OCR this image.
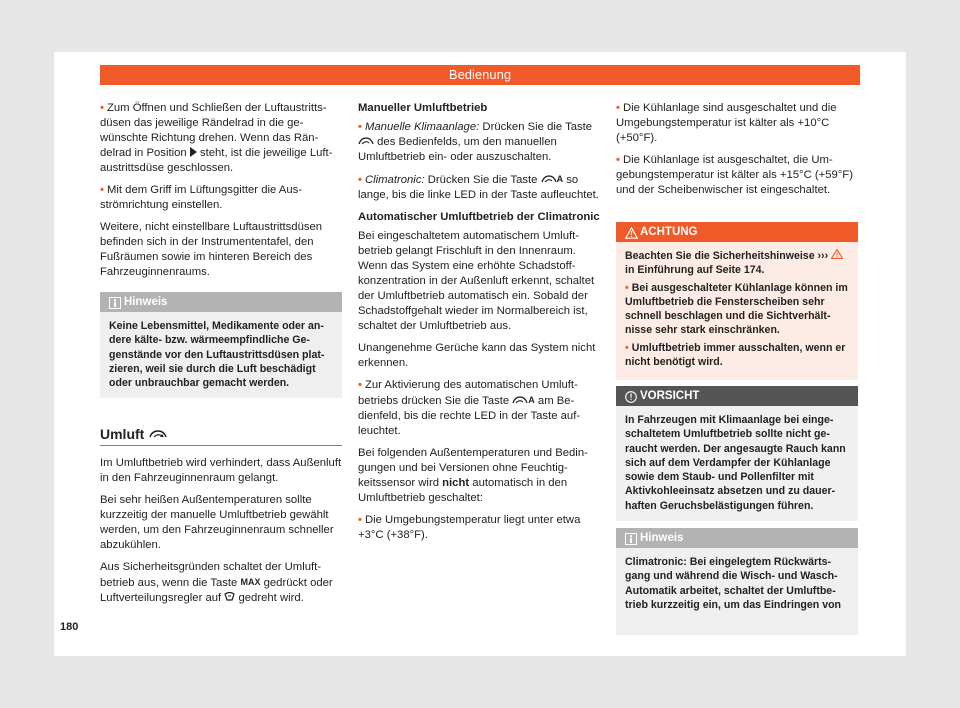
Bedienung

• Zum Öffnen und Schließen der Luftaustrittsdüsen das jeweilige Rändelrad in die gewünschte Richtung drehen. Wenn das Rändelrad in Position steht, ist die jeweilige Luftaustrittsdüse geschlossen.

• Mit dem Griff im Lüftungsgitter die Ausströmrichtung einstellen.

Weitere, nicht einstellbare Luftaustrittsdüsen befinden sich in der Instrumententafel, den Fußräumen sowie im hinteren Bereich des Fahrzeuginnenraums.

Hinweis
Keine Lebensmittel, Medikamente oder andere kälte- bzw. wärmeempfindliche Gegenstände vor den Luftaustrittsdüsen platzieren, weil sie durch die Luft beschädigt oder unbrauchbar gemacht werden.
Umluft

Im Umluftbetrieb wird verhindert, dass Außenluft in den Fahrzeuginnenraum gelangt.

Bei sehr heißen Außentemperaturen sollte kurzzeitig der manuelle Umluftbetrieb gewählt werden, um den Fahrzeuginnenraum schneller abzukühlen.

Aus Sicherheitsgründen schaltet der Umluftbetrieb aus, wenn die Taste MAX gedrückt oder Luftverteilungsregler auf gedreht wird.

Manueller Umluftbetrieb

• Manuelle Klimaanlage: Drücken Sie die Taste  des Bedienfelds, um den manuellen Umluftbetrieb ein- oder auszuschalten.

• Climatronic: Drücken Sie die Taste A so lange, bis die linke LED in der Taste aufleuchtet.

Automatischer Umluftbetrieb der Climatronic

Bei eingeschaltetem automatischem Umluftbetrieb gelangt Frischluft in den Innenraum. Wenn das System eine erhöhte Schadstoffkonzentration in der Außenluft erkennt, schaltet der Umluftbetrieb automatisch ein. Sobald der Schadstoffgehalt wieder im Normalbereich ist, schaltet der Umluftbetrieb aus.

Unangenehme Gerüche kann das System nicht erkennen.

• Zur Aktivierung des automatischen Umluftbetriebs drücken Sie die Taste A am Bedienfeld, bis die rechte LED in der Taste aufleuchtet.

Bei folgenden Außentemperaturen und Bedingungen und bei Versionen ohne Feuchtigkeitssensor wird nicht automatisch in den Umluftbetrieb geschaltet:

• Die Umgebungstemperatur liegt unter etwa +3°C (+38°F).

• Die Kühlanlage sind ausgeschaltet und die Umgebungstemperatur ist kälter als +10°C (+50°F).

• Die Kühlanlage ist ausgeschaltet, die Umgebungstemperatur ist kälter als +15°C (+59°F) und der Scheibenwischer ist eingeschaltet.

ACHTUNG

Beachten Sie die Sicherheitshinweise ›››
in Einführung auf Seite 174.

• Bei ausgeschalteter Kühlanlage können im Umluftbetrieb die Fensterscheiben sehr schnell beschlagen und die Sichtverhältnisse sehr stark einschränken.

• Umluftbetrieb immer ausschalten, wenn er nicht benötigt wird.

VORSICHT
In Fahrzeugen mit Klimaanlage bei eingeschaltetem Umluftbetrieb sollte nicht geraucht werden. Der angesaugte Rauch kann sich auf dem Verdampfer der Kühlanlage sowie dem Staub- und Pollenfilter mit Aktivkohleeinsatz absetzen und zu dauerhaften Geruchsbelästigungen führen.
Hinweis
Climatronic: Bei eingelegtem Rückwärtsgang und während die Wisch- und Wasch-Automatik arbeitet, schaltet der Umluftbetrieb kurzzeitig ein, um das Eindringen von
180
